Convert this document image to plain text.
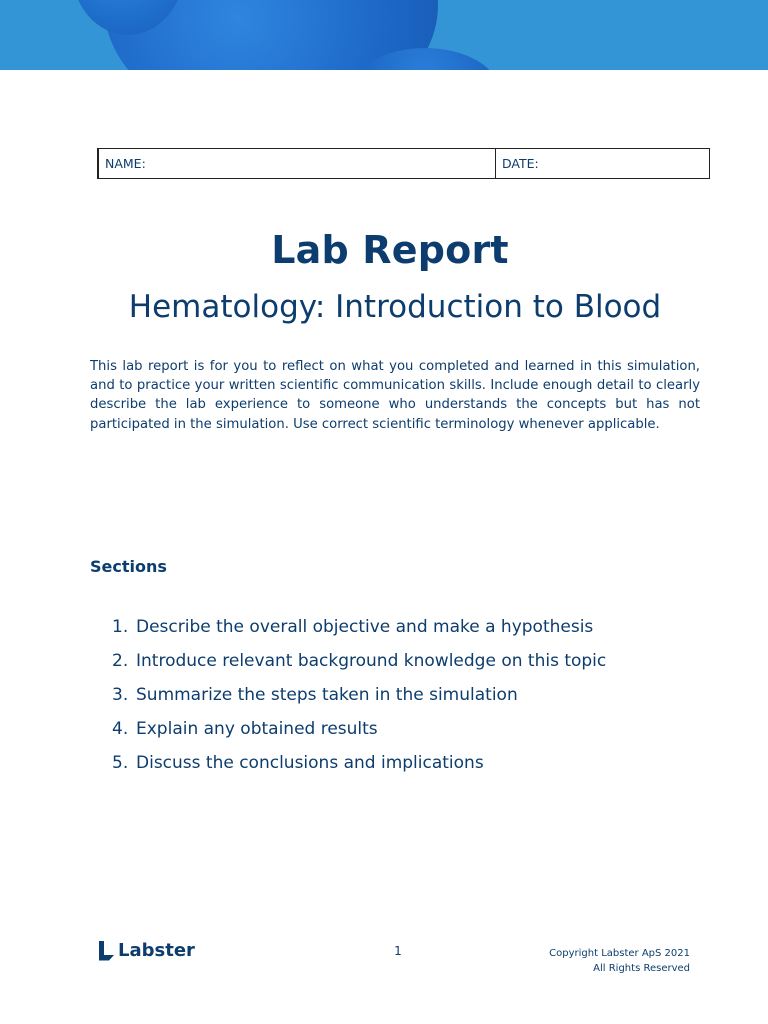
NAME:	DATE:
Lab Report
Hematology: Introduction to Blood

This lab report is for you to reflect on what you completed and learned in this simulation, and to practice your written scientific communication skills. Include enough detail to clearly describe the lab experience to someone who understands the concepts but has not participated in the simulation. Use correct scientific terminology whenever applicable.

Sections
1. Describe the overall objective and make a hypothesis
2. Introduce relevant background knowledge on this topic
3. Summarize the steps taken in the simulation
4. Explain any obtained results
5. Discuss the conclusions and implications
Labster	1	Copyright Labster ApS 2021
All Rights Reserved
